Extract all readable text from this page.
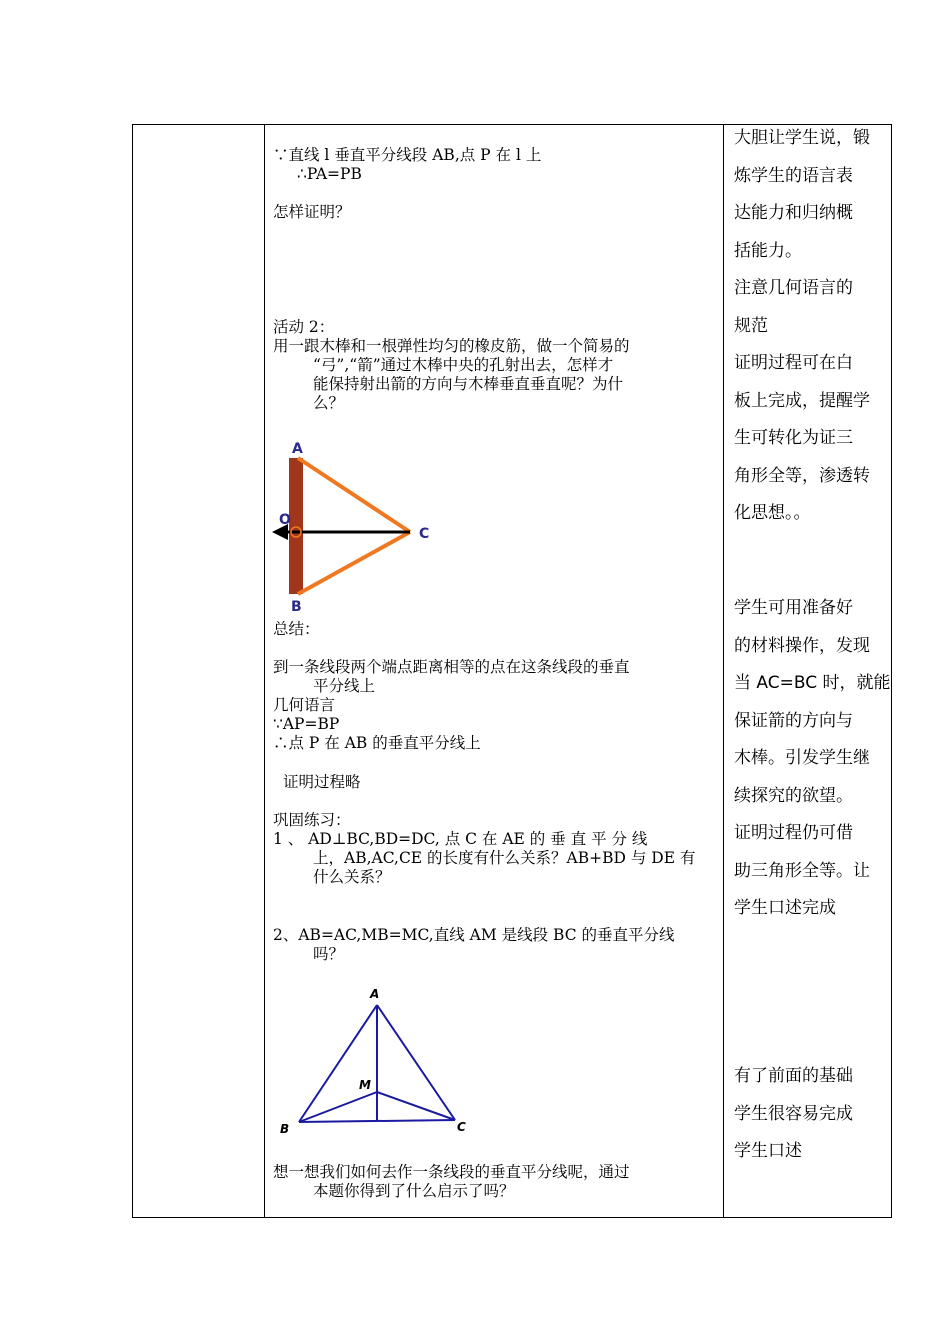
∵直线 l 垂直平分线段 AB,点 P 在 l 上
∴PA=PB
怎样证明？
活动 2：
用一跟木棒和一根弹性均匀的橡皮筋，做一个简易的
“弓”,“箭”通过木棒中央的孔射出去，怎样才
能保持射出箭的方向与木棒垂直垂直呢？为什
么？
A
O
C
B
总结：
到一条线段两个端点距离相等的点在这条线段的垂直
平分线上
几何语言
∵AP=BP
∴点 P 在 AB 的垂直平分线上
证明过程略
巩固练习：
1 、 AD⊥BC,BD=DC, 点 C 在 AE 的 垂 直 平 分 线
上，AB,AC,CE 的长度有什么关系？AB+BD 与 DE 有
什么关系？
2、AB=AC,MB=MC,直线 AM 是线段 BC 的垂直平分线
吗？
A
M
B	C
想一想我们如何去作一条线段的垂直平分线呢，通过
本题你得到了什么启示了吗？
大胆让学生说，锻
炼学生的语言表
达能力和归纳概
括能力。
注意几何语言的
规范
证明过程可在白
板上完成，提醒学
生可转化为证三
角形全等，渗透转
化思想。。
学生可用准备好
的材料操作，发现
当 AC=BC 时，就能
保证箭的方向与
木棒。引发学生继
续探究的欲望。
证明过程仍可借
助三角形全等。让
学生口述完成
有了前面的基础
学生很容易完成
学生口述
